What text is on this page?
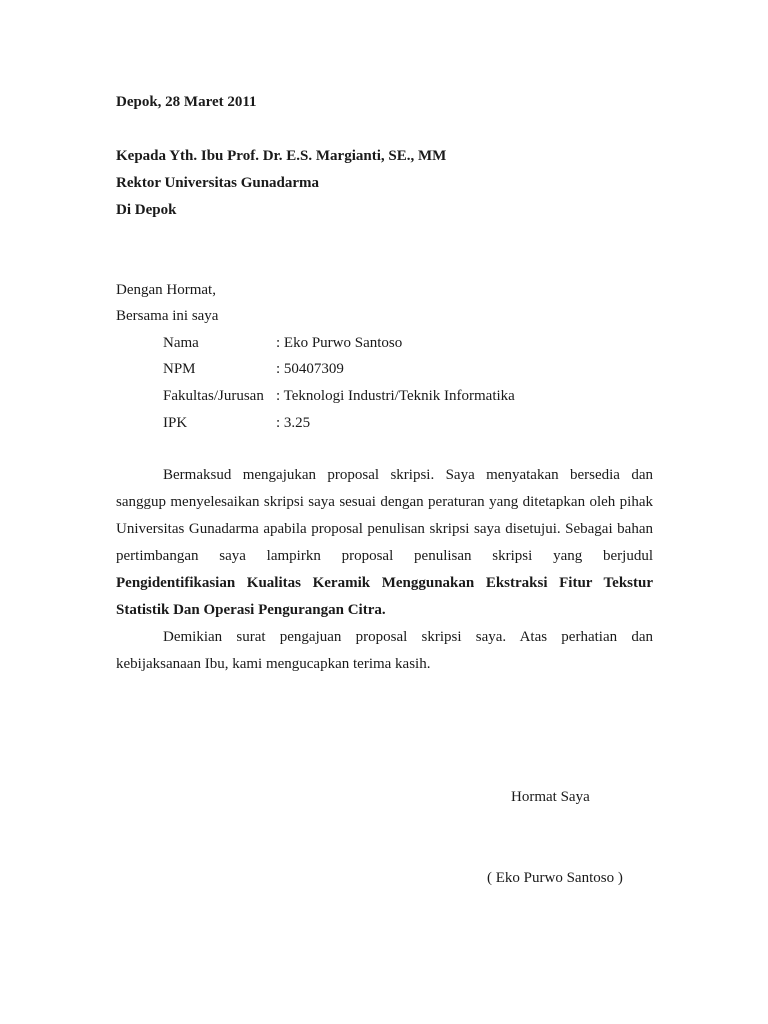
Depok, 28 Maret 2011
Kepada Yth. Ibu Prof. Dr. E.S. Margianti, SE., MM
Rektor Universitas Gunadarma
Di Depok
Dengan Hormat,
Bersama ini saya
Nama	: Eko Purwo Santoso
NPM	: 50407309
Fakultas/Jurusan : Teknologi Industri/Teknik Informatika
IPK	: 3.25

Bermaksud mengajukan proposal skripsi. Saya menyatakan bersedia dan sanggup menyelesaikan skripsi saya sesuai dengan peraturan yang ditetapkan oleh pihak Universitas Gunadarma apabila proposal penulisan skripsi saya disetujui. Sebagai bahan pertimbangan saya lampirkn proposal penulisan skripsi yang berjudul Pengidentifikasian Kualitas Keramik Menggunakan Ekstraksi Fitur Tekstur Statistik Dan Operasi Pengurangan Citra.

Demikian surat pengajuan proposal skripsi saya. Atas perhatian dan kebijaksanaan Ibu, kami mengucapkan terima kasih.

Hormat Saya
( Eko Purwo Santoso )
